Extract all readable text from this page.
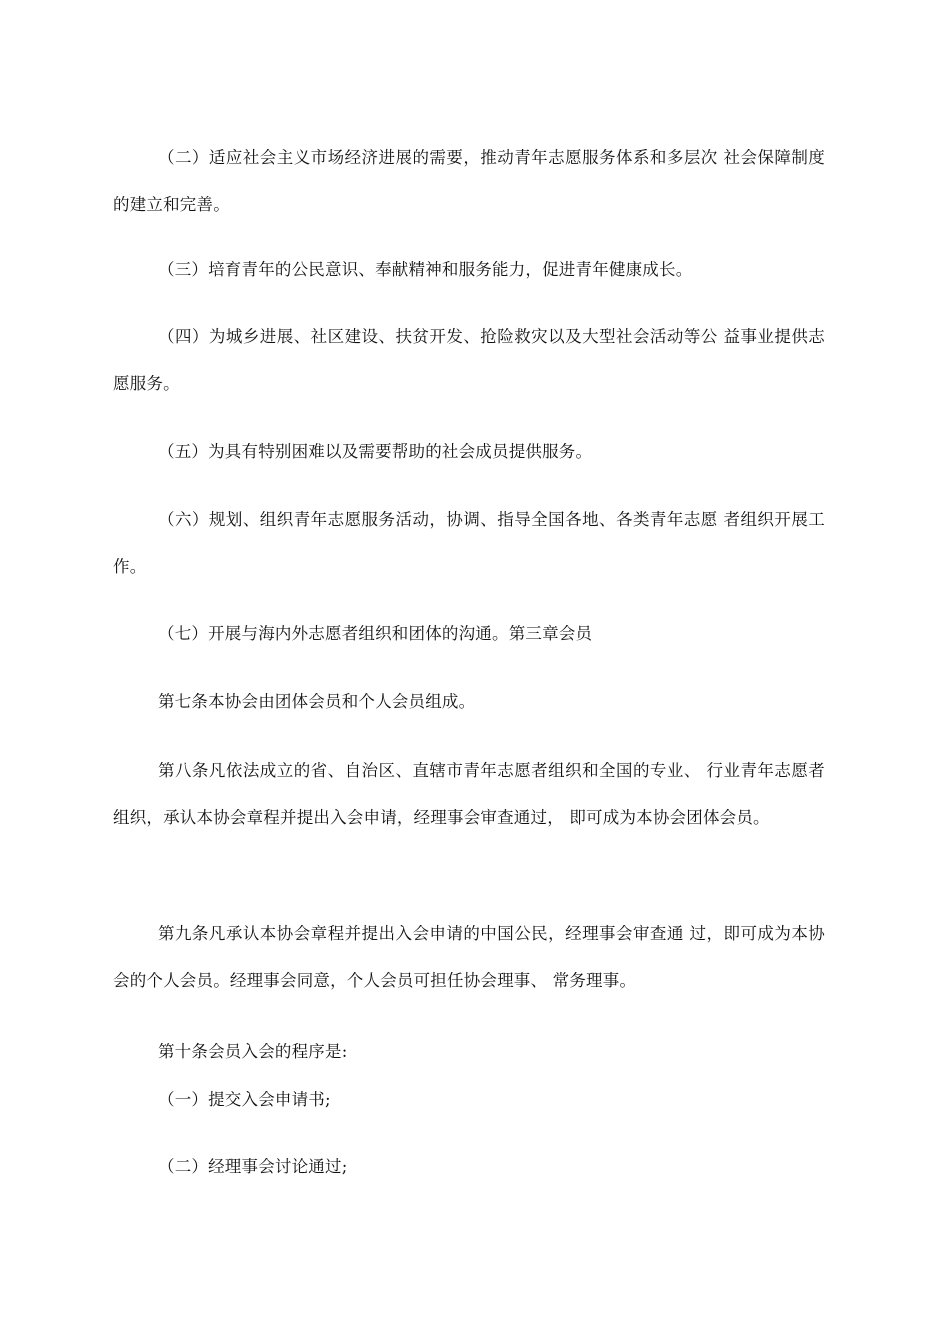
（二）适应社会主义市场经济进展的需要，推动青年志愿服务体系和多层次 社会保障制度的建立和完善。

（三）培育青年的公民意识、奉献精神和服务能力，促进青年健康成长。

（四）为城乡进展、社区建设、扶贫开发、抢险救灾以及大型社会活动等公 益事业提供志愿服务。

（五）为具有特别困难以及需要帮助的社会成员提供服务。

（六）规划、组织青年志愿服务活动，协调、指导全国各地、各类青年志愿 者组织开展工作。

（七）开展与海内外志愿者组织和团体的沟通。第三章会员

第七条本协会由团体会员和个人会员组成。

第八条凡依法成立的省、自治区、直辖市青年志愿者组织和全国的专业、 行业青年志愿者组织，承认本协会章程并提出入会申请，经理事会审查通过， 即可成为本协会团体会员。

第九条凡承认本协会章程并提出入会申请的中国公民，经理事会审查通 过，即可成为本协会的个人会员。经理事会同意，个人会员可担任协会理事、 常务理事。

第十条会员入会的程序是:

（一）提交入会申请书;

（二）经理事会讨论通过;
